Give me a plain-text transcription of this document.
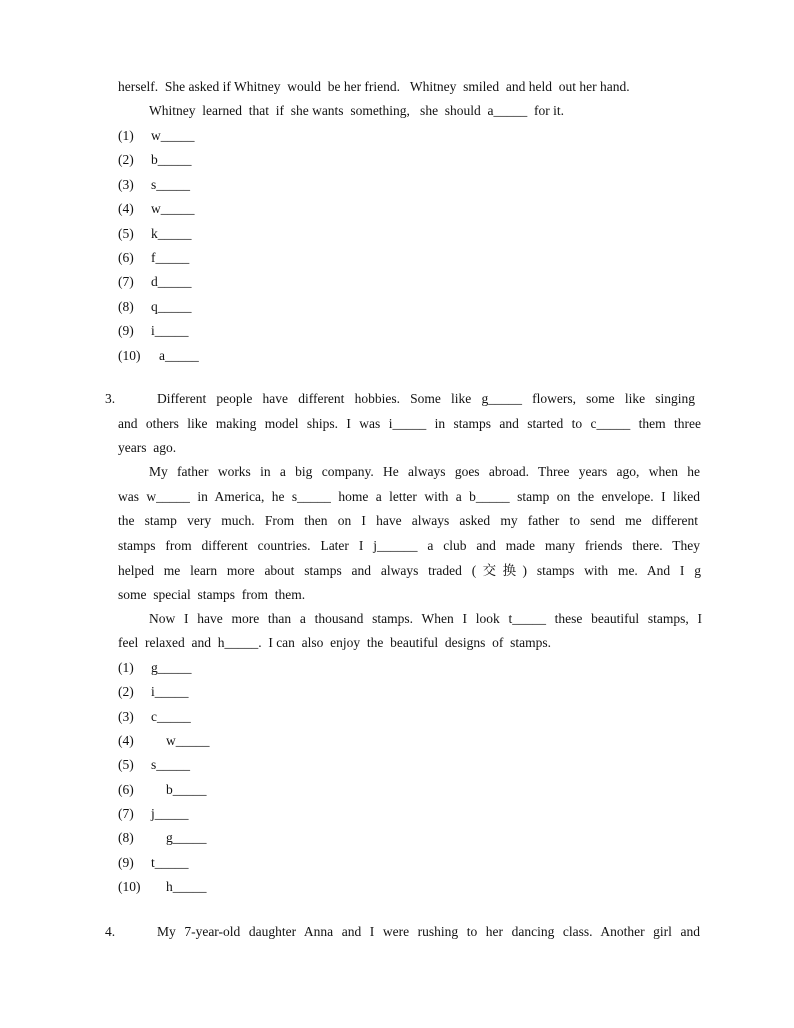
herself.  She asked if Whitney  would  be her friend.   Whitney  smiled  and held  out her hand.
Whitney  learned  that  if  she wants  something,   she  should  a_____  for it.
(1) w_____
(2) b_____
(3) s_____
(4) w_____
(5) k_____
(6) f_____
(7) d_____
(8) q_____
(9) i_____
(10) a_____
3.	Different people have different hobbies. Some like g_____ flowers, some like singing
and others like making model ships. I was i_____ in stamps and started to c_____ them three
years  ago.
My father works in a big company. He always goes abroad. Three years ago, when he
was w_____ in America, he s_____ home a letter with a b_____ stamp on the envelope. I liked
the stamp very much. From then on I have always asked my father to send me different
stamps from different countries. Later I j______ a club and made many friends there. They
helped me learn more about stamps and always traded (交换) stamps with me. And I g
some  special  stamps  from  them.
Now I have more than a thousand stamps. When I look t_____ these beautiful stamps, I
feel  relaxed  and  h_____.  I can  also  enjoy  the  beautiful  designs  of  stamps.
(1) g_____
(2) i_____
(3) c_____
(4) w_____
(5) s_____
(6) b_____
(7) j_____
(8) g_____
(9) t_____
(10) h_____
4.	My 7-year-old daughter Anna and I were rushing to her dancing class. Another girl and
